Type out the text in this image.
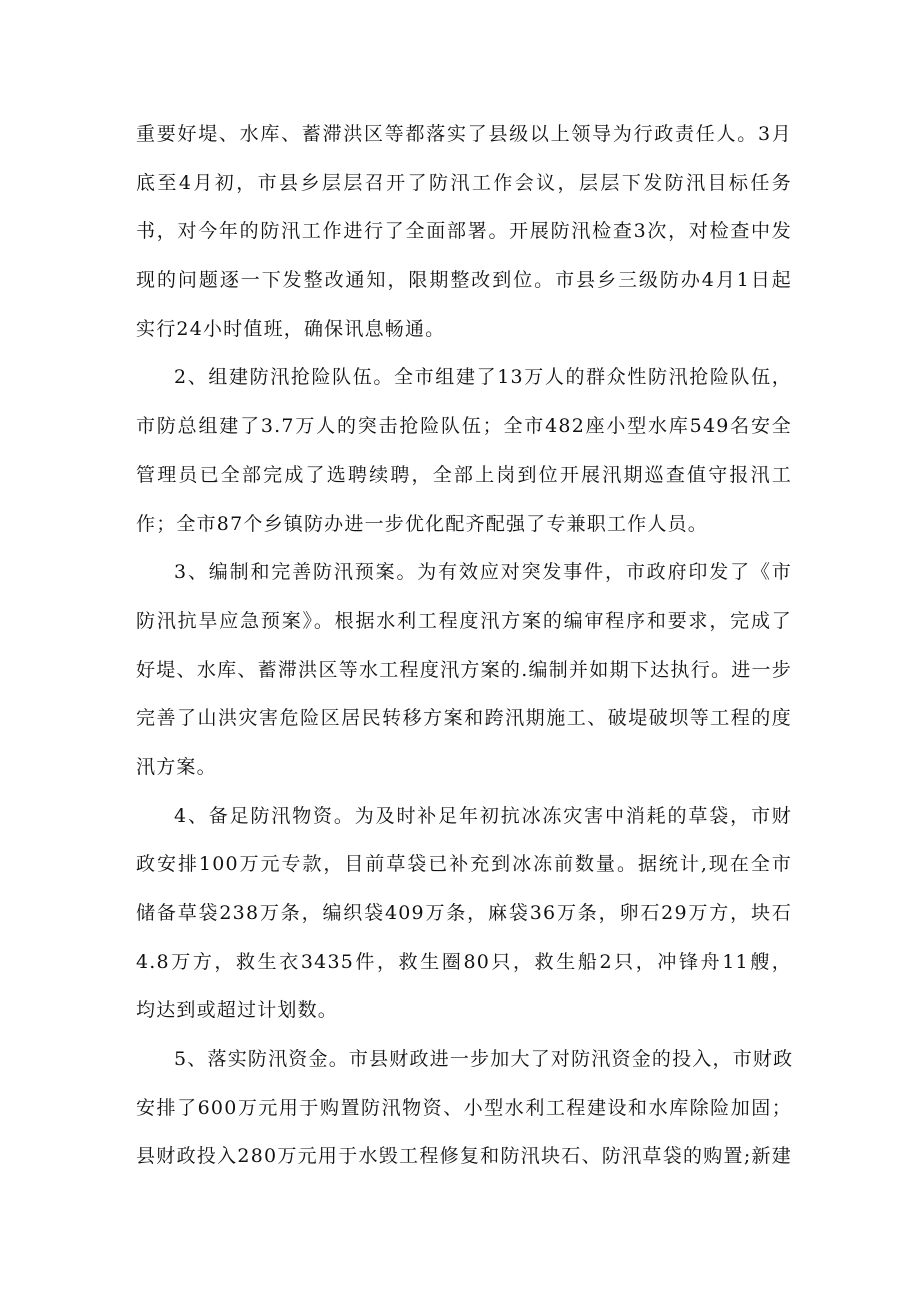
重要好堤、水库、蓄滞洪区等都落实了县级以上领导为行政责任人。3月
底至4月初，市县乡层层召开了防汛工作会议，层层下发防汛目标任务
书，对今年的防汛工作进行了全面部署。开展防汛检查3次，对检查中发
现的问题逐一下发整改通知，限期整改到位。市县乡三级防办4月1日起
实行24小时值班，确保讯息畅通。
2、组建防汛抢险队伍。全市组建了13万人的群众性防汛抢险队伍，
市防总组建了3.7万人的突击抢险队伍；全市482座小型水库549名安全
管理员已全部完成了选聘续聘，全部上岗到位开展汛期巡查值守报汛工
作；全市87个乡镇防办进一步优化配齐配强了专兼职工作人员。
3、编制和完善防汛预案。为有效应对突发事件，市政府印发了《市
防汛抗旱应急预案》。根据水利工程度汛方案的编审程序和要求，完成了
好堤、水库、蓄滞洪区等水工程度汛方案的.编制并如期下达执行。进一步
完善了山洪灾害危险区居民转移方案和跨汛期施工、破堤破坝等工程的度
汛方案。
4、备足防汛物资。为及时补足年初抗冰冻灾害中消耗的草袋，市财
政安排100万元专款，目前草袋已补充到冰冻前数量。据统计,现在全市
储备草袋238万条，编织袋409万条，麻袋36万条，卵石29万方，块石
4.8万方，救生衣3435件，救生圈80只，救生船2只，冲锋舟11艘，
均达到或超过计划数。
5、落实防汛资金。市县财政进一步加大了对防汛资金的投入，市财政
安排了600万元用于购置防汛物资、小型水利工程建设和水库除险加固；
县财政投入280万元用于水毁工程修复和防汛块石、防汛草袋的购置;新建
